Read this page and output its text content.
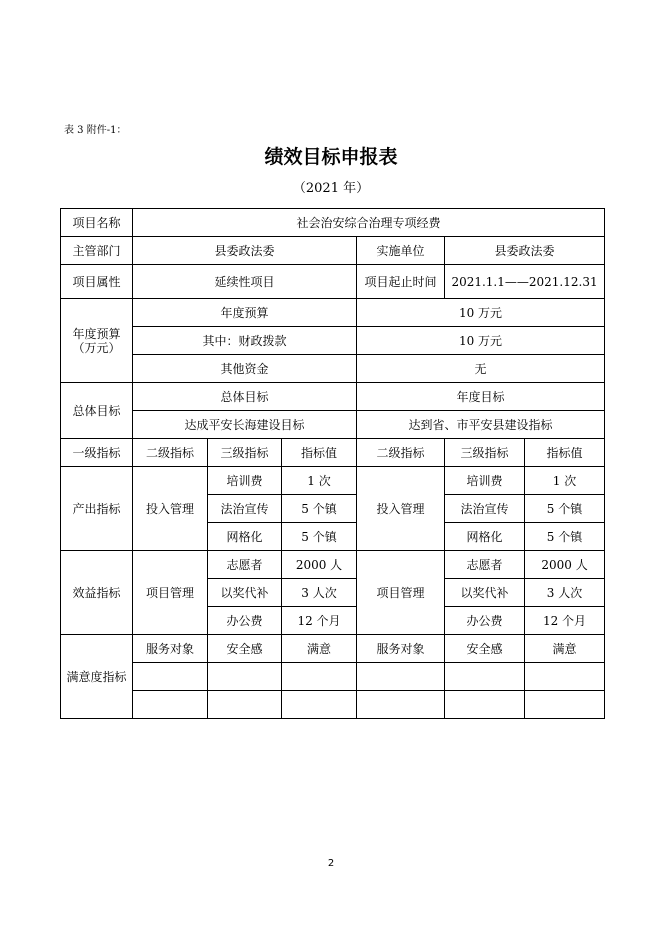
表 3 附件-1：
绩效目标申报表
（2021 年）
项目名称	社会治安综合治理专项经费					
主管部门	县委政法委			实施单位	县委政法委	
项目属性	延续性项目			项目起止时间	2021.1.1——2021.12.31	
年度预算（万元）	年度预算			10 万元		
	其中：财政拨款			10 万元		
	其他资金			无		
总体目标	总体目标			年度目标		
	达成平安长海建设目标			达到省、市平安县建设指标		
一级指标	二级指标	三级指标	指标值	二级指标	三级指标	指标值
产出指标	投入管理	培训费	1 次	投入管理	培训费	1 次
		法治宣传	5 个镇		法治宣传	5 个镇
		网格化	5 个镇		网格化	5 个镇
效益指标	项目管理	志愿者	2000 人	项目管理	志愿者	2000 人
		以奖代补	3 人次		以奖代补	3 人次
		办公费	12 个月		办公费	12 个月
满意度指标	服务对象	安全感	满意	服务对象	安全感	满意

2
